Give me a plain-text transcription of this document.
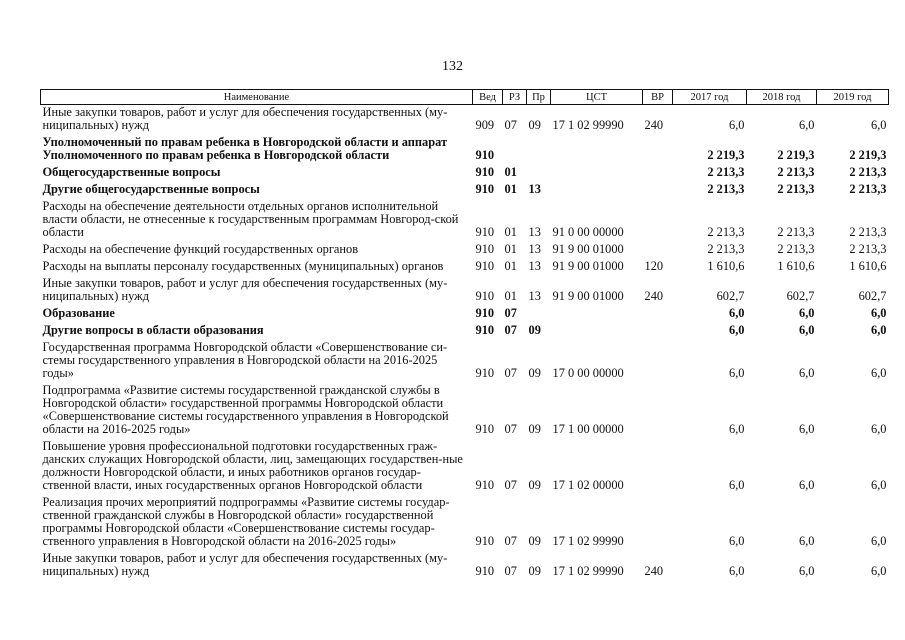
132
Наименование	Вед	РЗ	Пр	ЦСТ	ВР	2017 год	2018 год	2019 год
Иные закупки товаров, работ и услуг для обеспечения государственных (му-ниципальных) нужд	909	07	09	17 1 02 99990	240	6,0	6,0	6,0
Уполномоченный по правам ребенка в Новгородской области и аппарат Уполномоченного по правам ребенка в Новгородской области	910					2 219,3	2 219,3	2 219,3
Общегосударственные вопросы	910	01				2 213,3	2 213,3	2 213,3
Другие общегосударственные вопросы	910	01	13			2 213,3	2 213,3	2 213,3
Расходы на обеспечение деятельности отдельных органов исполнительной власти области, не отнесенные к государственным программам Новгород-ской области	910	01	13	91 0 00 00000		2 213,3	2 213,3	2 213,3
Расходы на обеспечение функций государственных органов	910	01	13	91 9 00 01000		2 213,3	2 213,3	2 213,3
Расходы на выплаты персоналу государственных (муниципальных) органов	910	01	13	91 9 00 01000	120	1 610,6	1 610,6	1 610,6
Иные закупки товаров, работ и услуг для обеспечения государственных (му-ниципальных) нужд	910	01	13	91 9 00 01000	240	602,7	602,7	602,7
Образование	910	07				6,0	6,0	6,0
Другие вопросы в области образования	910	07	09			6,0	6,0	6,0
Государственная программа Новгородской области «Совершенствование си-стемы государственного управления в Новгородской области на 2016-2025 годы»	910	07	09	17 0 00 00000		6,0	6,0	6,0
Подпрограмма «Развитие системы государственной гражданской службы в Новгородской области» государственной программы Новгородской области «Совершенствование системы государственного управления в Новгородской области на 2016-2025 годы»	910	07	09	17 1 00 00000		6,0	6,0	6,0
Повышение уровня профессиональной подготовки государственных граж-данских служащих Новгородской области, лиц, замещающих государствен-ные должности Новгородской области, и иных работников органов государ-ственной власти, иных государственных органов Новгородской области	910	07	09	17 1 02 00000		6,0	6,0	6,0
Реализация прочих мероприятий подпрограммы «Развитие системы государ-ственной гражданской службы в Новгородской области» государственной программы Новгородской области «Совершенствование системы государ-ственного управления в Новгородской области на 2016-2025 годы»	910	07	09	17 1 02 99990		6,0	6,0	6,0
Иные закупки товаров, работ и услуг для обеспечения государственных (му-ниципальных) нужд	910	07	09	17 1 02 99990	240	6,0	6,0	6,0
